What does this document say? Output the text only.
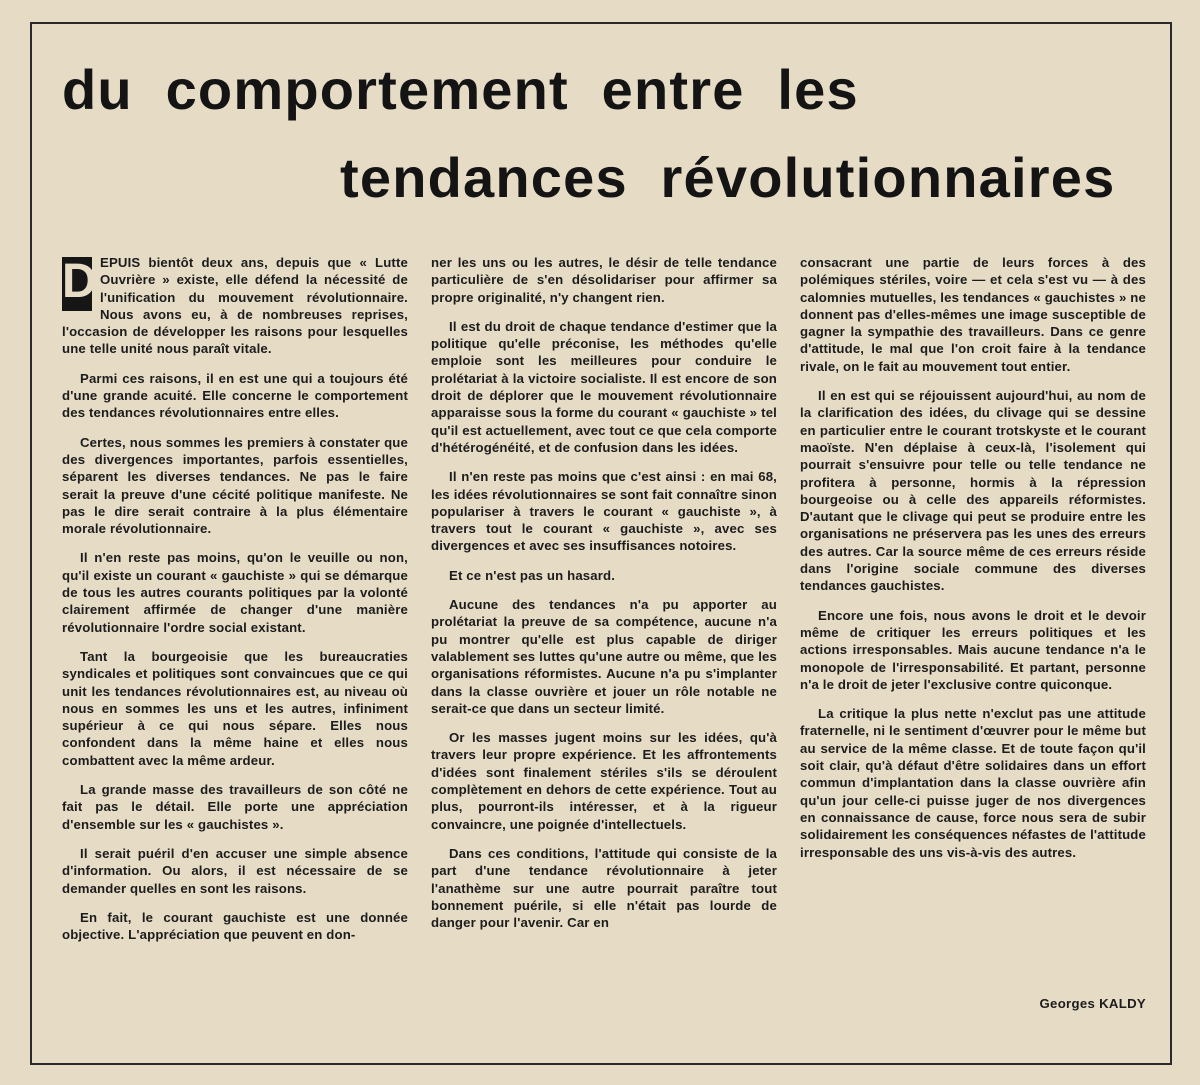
du comportement entre les
tendances révolutionnaires

D EPUIS bientôt deux ans, depuis que « Lutte Ouvrière » existe, elle défend la nécessité de l'unification du mouvement révolutionnaire. Nous avons eu, à de nombreuses reprises, l'occasion de développer les raisons pour lesquelles une telle unité nous paraît vitale.

Parmi ces raisons, il en est une qui a toujours été d'une grande acuité. Elle concerne le comportement des tendances révolutionnaires entre elles.

Certes, nous sommes les premiers à constater que des divergences importantes, parfois essentielles, séparent les diverses tendances. Ne pas le faire serait la preuve d'une cécité politique manifeste. Ne pas le dire serait contraire à la plus élémentaire morale révolutionnaire.

Il n'en reste pas moins, qu'on le veuille ou non, qu'il existe un courant « gauchiste » qui se démarque de tous les autres courants politiques par la volonté clairement affirmée de changer d'une manière révolutionnaire l'ordre social existant.

Tant la bourgeoisie que les bureaucraties syndicales et politiques sont convaincues que ce qui unit les tendances révolutionnaires est, au niveau où nous en sommes les uns et les autres, infiniment supérieur à ce qui nous sépare. Elles nous confondent dans la même haine et elles nous combattent avec la même ardeur.

La grande masse des travailleurs de son côté ne fait pas le détail. Elle porte une appréciation d'ensemble sur les « gauchistes ».

Il serait puéril d'en accuser une simple absence d'information. Ou alors, il est nécessaire de se demander quelles en sont les raisons.

En fait, le courant gauchiste est une donnée objective. L'appréciation que peuvent en don-

ner les uns ou les autres, le désir de telle tendance particulière de s'en désolidariser pour affirmer sa propre originalité, n'y changent rien.

Il est du droit de chaque tendance d'estimer que la politique qu'elle préconise, les méthodes qu'elle emploie sont les meilleures pour conduire le prolétariat à la victoire socialiste. Il est encore de son droit de déplorer que le mouvement révolutionnaire apparaisse sous la forme du courant « gauchiste » tel qu'il est actuellement, avec tout ce que cela comporte d'hétérogénéité, et de confusion dans les idées.

Il n'en reste pas moins que c'est ainsi : en mai 68, les idées révolutionnaires se sont fait connaître sinon populariser à travers le courant « gauchiste », à travers tout le courant « gauchiste », avec ses divergences et avec ses insuffisances notoires.

Et ce n'est pas un hasard.

Aucune des tendances n'a pu apporter au prolétariat la preuve de sa compétence, aucune n'a pu montrer qu'elle est plus capable de diriger valablement ses luttes qu'une autre ou même, que les organisations réformistes. Aucune n'a pu s'implanter dans la classe ouvrière et jouer un rôle notable ne serait-ce que dans un secteur limité.

Or les masses jugent moins sur les idées, qu'à travers leur propre expérience. Et les affrontements d'idées sont finalement stériles s'ils se déroulent complètement en dehors de cette expérience. Tout au plus, pourront-ils intéresser, et à la rigueur convaincre, une poignée d'intellectuels.

Dans ces conditions, l'attitude qui consiste de la part d'une tendance révolutionnaire à jeter l'anathème sur une autre pourrait paraître tout bonnement puérile, si elle n'était pas lourde de danger pour l'avenir. Car en

consacrant une partie de leurs forces à des polémiques stériles, voire — et cela s'est vu — à des calomnies mutuelles, les tendances « gauchistes » ne donnent pas d'elles-mêmes une image susceptible de gagner la sympathie des travailleurs. Dans ce genre d'attitude, le mal que l'on croit faire à la tendance rivale, on le fait au mouvement tout entier.

Il en est qui se réjouissent aujourd'hui, au nom de la clarification des idées, du clivage qui se dessine en particulier entre le courant trotskyste et le courant maoïste. N'en déplaise à ceux-là, l'isolement qui pourrait s'ensuivre pour telle ou telle tendance ne profitera à personne, hormis à la répression bourgeoise ou à celle des appareils réformistes. D'autant que le clivage qui peut se produire entre les organisations ne préservera pas les unes des erreurs des autres. Car la source même de ces erreurs réside dans l'origine sociale commune des diverses tendances gauchistes.

Encore une fois, nous avons le droit et le devoir même de critiquer les erreurs politiques et les actions irresponsables. Mais aucune tendance n'a le monopole de l'irresponsabilité. Et partant, personne n'a le droit de jeter l'exclusive contre quiconque.

La critique la plus nette n'exclut pas une attitude fraternelle, ni le sentiment d'œuvrer pour le même but au service de la même classe. Et de toute façon qu'il soit clair, qu'à défaut d'être solidaires dans un effort commun d'implantation dans la classe ouvrière afin qu'un jour celle-ci puisse juger de nos divergences en connaissance de cause, force nous sera de subir solidairement les conséquences néfastes de l'attitude irresponsable des uns vis-à-vis des autres.

Georges KALDY
